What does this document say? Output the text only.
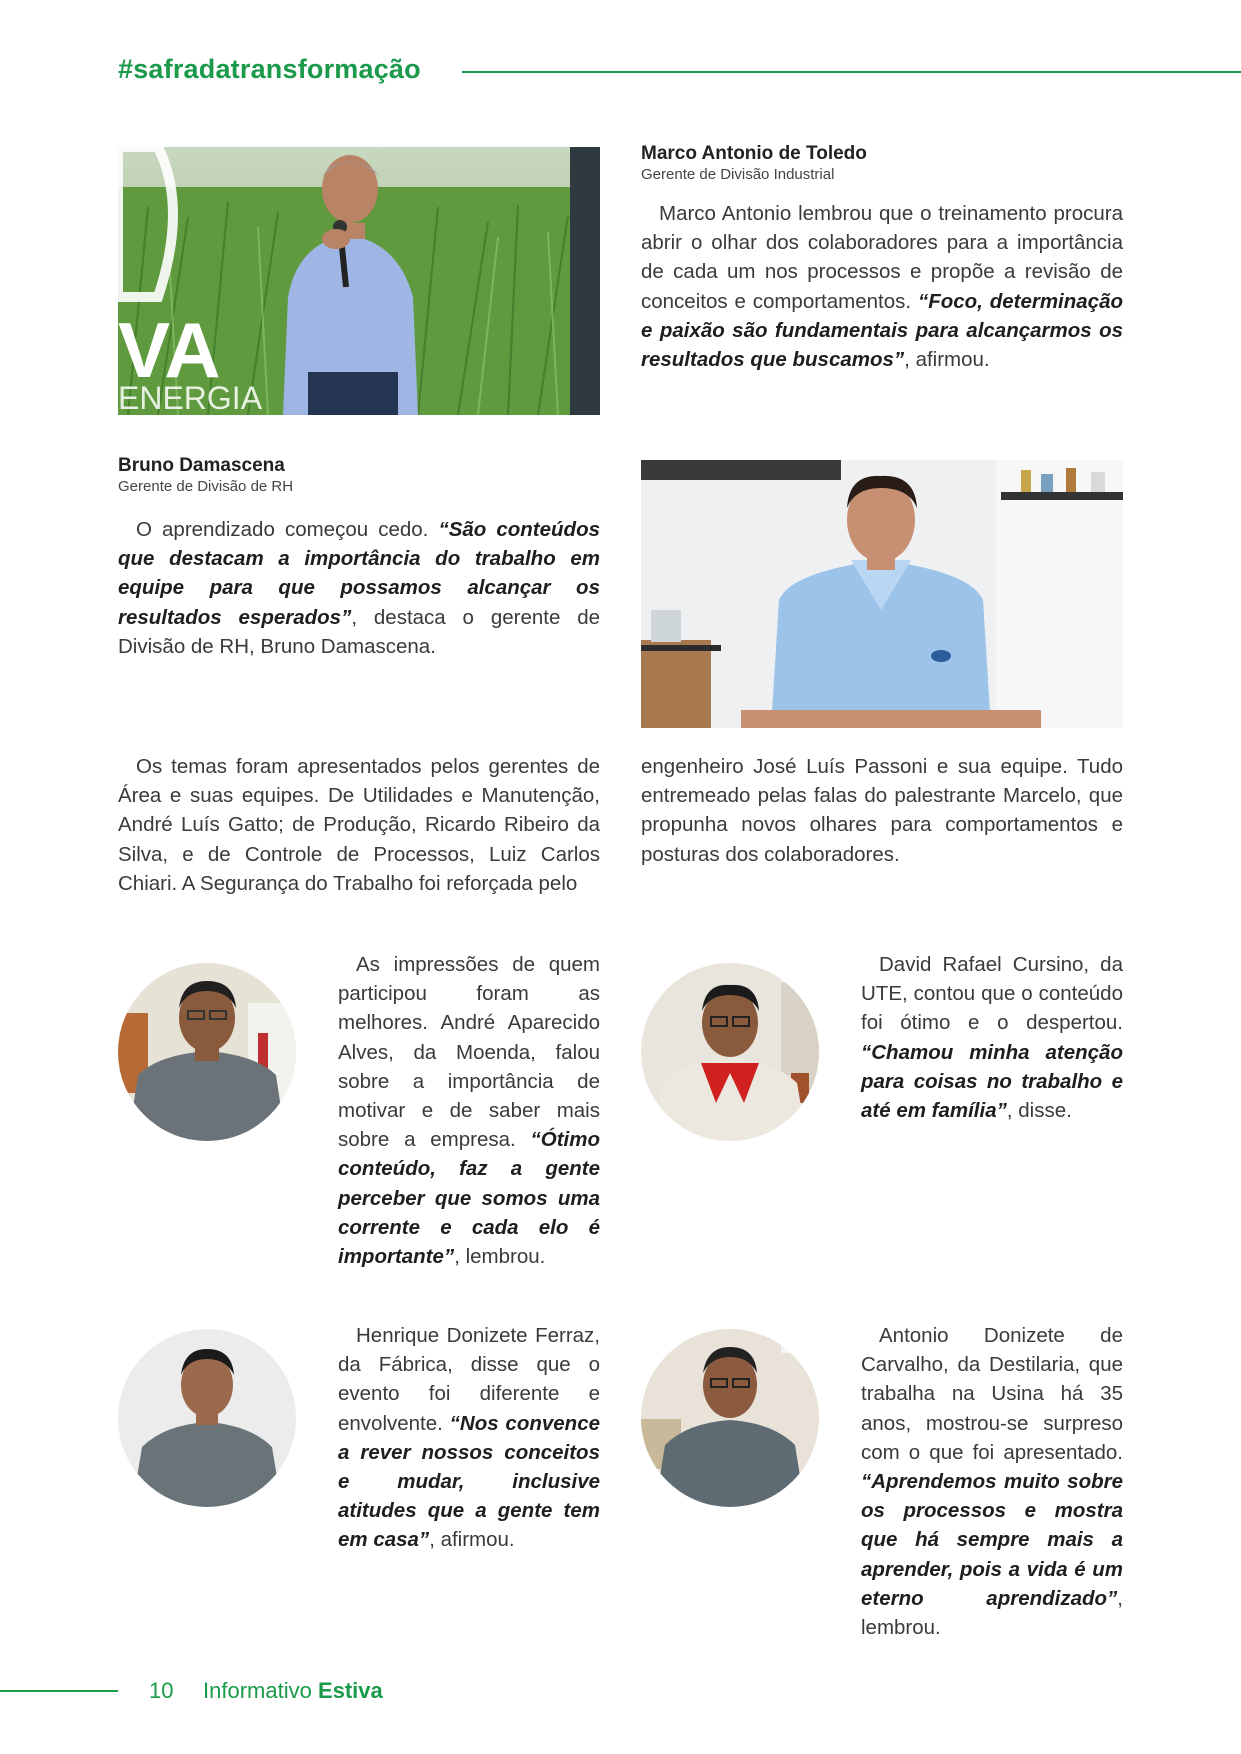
#safradatransformação
VA
ENERGIA
Marco Antonio de Toledo
Gerente de Divisão Industrial

Marco Antonio lembrou que o treinamento procura abrir o olhar dos colaboradores para a importância de cada um nos processos e propõe a revisão de conceitos e comportamentos. “Foco, determinação e paixão são fundamentais para alcançarmos os resultados que buscamos”, afirmou.

Bruno Damascena
Gerente de Divisão de RH

O aprendizado começou cedo. “São conteúdos que destacam a importância do trabalho em equipe para que possamos alcançar os resultados esperados”, destaca o gerente de Divisão de RH, Bruno Damascena.

Os temas foram apresentados pelos gerentes de Área e suas equipes. De Utilidades e Manutenção, André Luís Gatto; de Produção, Ricardo Ribeiro da Silva, e de Controle de Processos, Luiz Carlos Chiari. A Segurança do Trabalho foi reforçada pelo

engenheiro José Luís Passoni e sua equipe. Tudo entremeado pelas falas do palestrante Marcelo, que propunha novos olhares para comportamentos e posturas dos colaboradores.

As impressões de quem participou foram as melhores. André Aparecido Alves, da Moenda, falou sobre a importância de motivar e de saber mais sobre a empresa. “Ótimo conteúdo, faz a gente perceber que somos uma corrente e cada elo é importante”, lembrou.

David Rafael Cursino, da UTE, contou que o conteúdo foi ótimo e o despertou. “Chamou minha atenção para coisas no trabalho e até em família”, disse.

Henrique Donizete Ferraz, da Fábrica, disse que o evento foi diferente e envolvente. “Nos convence a rever nossos conceitos e mudar, inclusive atitudes que a gente tem em casa”, afirmou.

Antonio Donizete de Carvalho, da Destilaria, que trabalha na Usina há 35 anos, mostrou-se surpreso com o que foi apresentado. “Aprendemos muito sobre os processos e mostra que há sempre mais a aprender, pois a vida é um eterno aprendizado”, lembrou.

10 Informativo Estiva
